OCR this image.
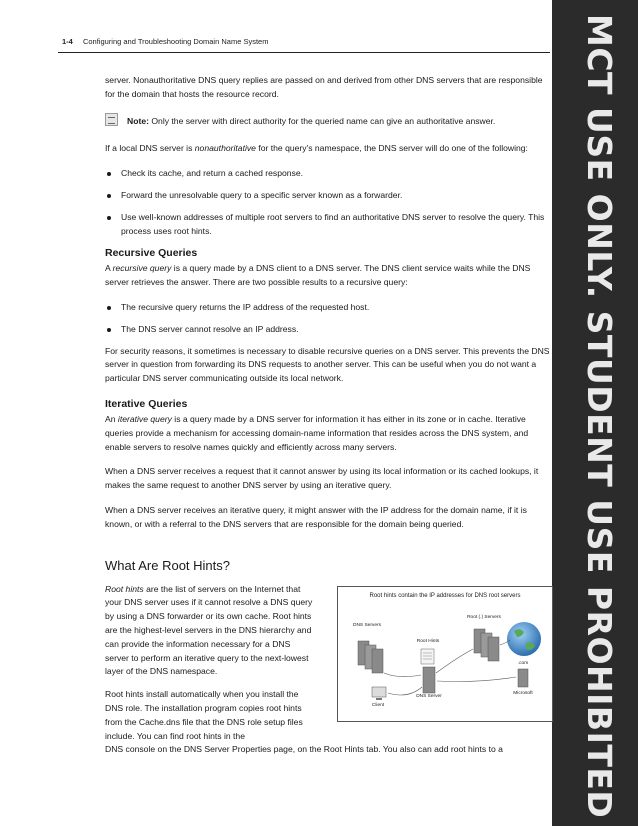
1-4 Configuring and Troubleshooting Domain Name System	MCT USE ONLY. STUDENT USE PROHIBITED

server. Nonauthoritative DNS query replies are passed on and derived from other DNS servers that are responsible for the domain that hosts the resource record.

Note: Only the server with direct authority for the queried name can give an authoritative answer.

If a local DNS server is nonauthoritative for the query's namespace, the DNS server will do one of the following:

Check its cache, and return a cached response.
Forward the unresolvable query to a specific server known as a forwarder.
Use well-known addresses of multiple root servers to find an authoritative DNS server to resolve the query. This process uses root hints.
Recursive Queries

A recursive query is a query made by a DNS client to a DNS server. The DNS client service waits while the DNS server retrieves the answer. There are two possible results to a recursive query:

The recursive query returns the IP address of the requested host.
The DNS server cannot resolve an IP address.

For security reasons, it sometimes is necessary to disable recursive queries on a DNS server. This prevents the DNS server in question from forwarding its DNS requests to another server. This can be useful when you do not want a particular DNS server communicating outside its local network.

Iterative Queries

An iterative query is a query made by a DNS server for information it has either in its zone or in cache. Iterative queries provide a mechanism for accessing domain-name information that resides across the DNS system, and enable servers to resolve names quickly and efficiently across many servers.

When a DNS server receives a request that it cannot answer by using its local information or its cached lookups, it makes the same request to another DNS server by using an iterative query.

When a DNS server receives an iterative query, it might answer with the IP address for the domain name, if it is known, or with a referral to the DNS servers that are responsible for the domain being queried.

What Are Root Hints?

Root hints are the list of servers on the Internet that your DNS server uses if it cannot resolve a DNS query by using a DNS forwarder or its own cache. Root hints are the highest-level servers in the DNS hierarchy and can provide the information necessary for a DNS server to perform an iterative query to the next-lowest layer of the DNS namespace.

Root hints install automatically when you install the DNS role. The installation program copies root hints from the Cache.dns file that the DNS role setup files include. You can find root hints in the

DNS console on the DNS Server Properties page, on the Root Hints tab. You also can add root hints to a
Root hints contain the IP addresses for DNS root servers
DNS Servers
Root Hints
Root (.) Servers
DNS Server
Client
.com
Microsoft
